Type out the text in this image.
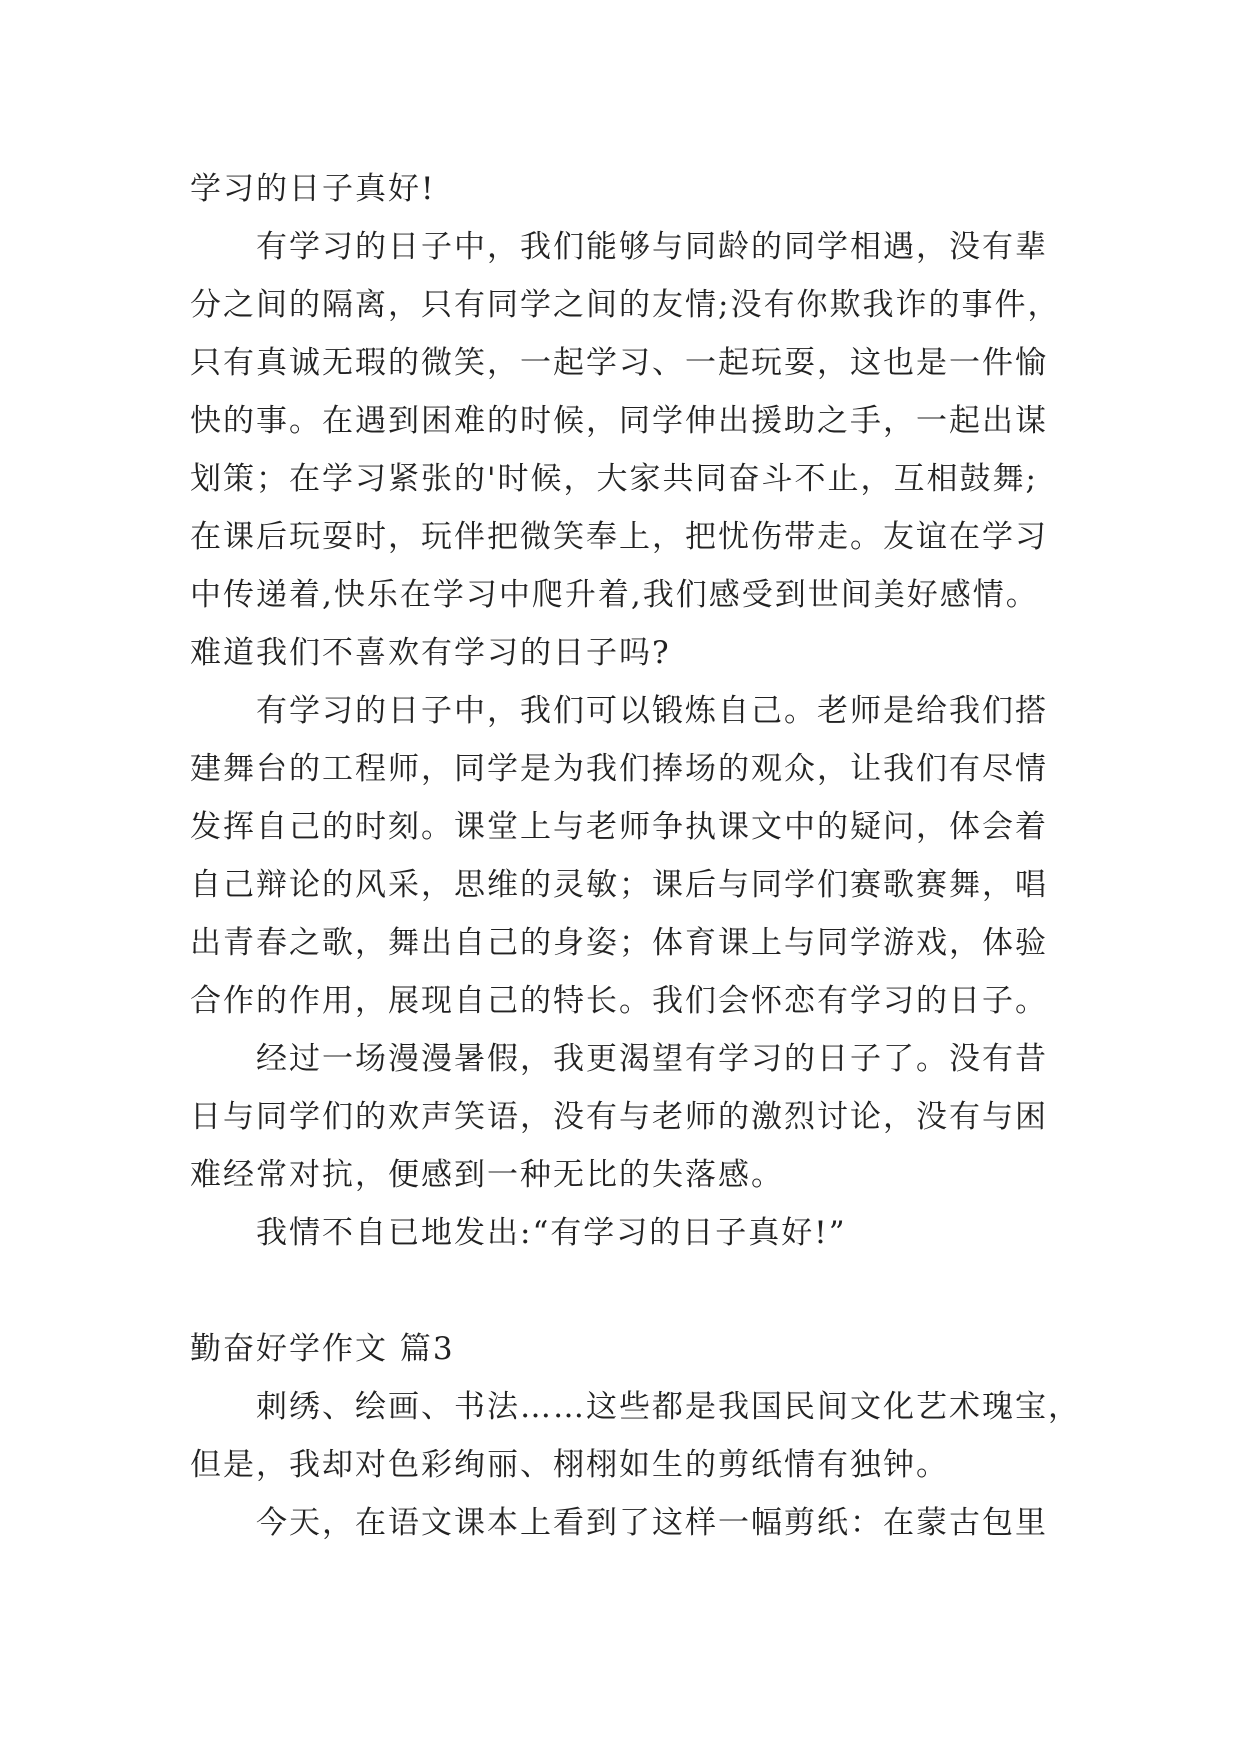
学习的日子真好!
有学习的日子中，我们能够与同龄的同学相遇，没有辈
分之间的隔离，只有同学之间的友情;没有你欺我诈的事件，
只有真诚无瑕的微笑，一起学习、一起玩耍，这也是一件愉
快的事。在遇到困难的时候，同学伸出援助之手，一起出谋
划策；在学习紧张的'时候，大家共同奋斗不止，互相鼓舞;
在课后玩耍时，玩伴把微笑奉上，把忧伤带走。友谊在学习
中传递着,快乐在学习中爬升着,我们感受到世间美好感情。
难道我们不喜欢有学习的日子吗?
有学习的日子中，我们可以锻炼自己。老师是给我们搭
建舞台的工程师，同学是为我们捧场的观众，让我们有尽情
发挥自己的时刻。课堂上与老师争执课文中的疑问，体会着
自己辩论的风采，思维的灵敏；课后与同学们赛歌赛舞，唱
出青春之歌，舞出自己的身姿；体育课上与同学游戏，体验
合作的作用，展现自己的特长。我们会怀恋有学习的日子。
经过一场漫漫暑假，我更渴望有学习的日子了。没有昔
日与同学们的欢声笑语，没有与老师的激烈讨论，没有与困
难经常对抗，便感到一种无比的失落感。
我情不自已地发出:“有学习的日子真好!”
勤奋好学作文 篇3
刺绣、绘画、书法……这些都是我国民间文化艺术瑰宝，
但是，我却对色彩绚丽、栩栩如生的剪纸情有独钟。
今天，在语文课本上看到了这样一幅剪纸：在蒙古包里
